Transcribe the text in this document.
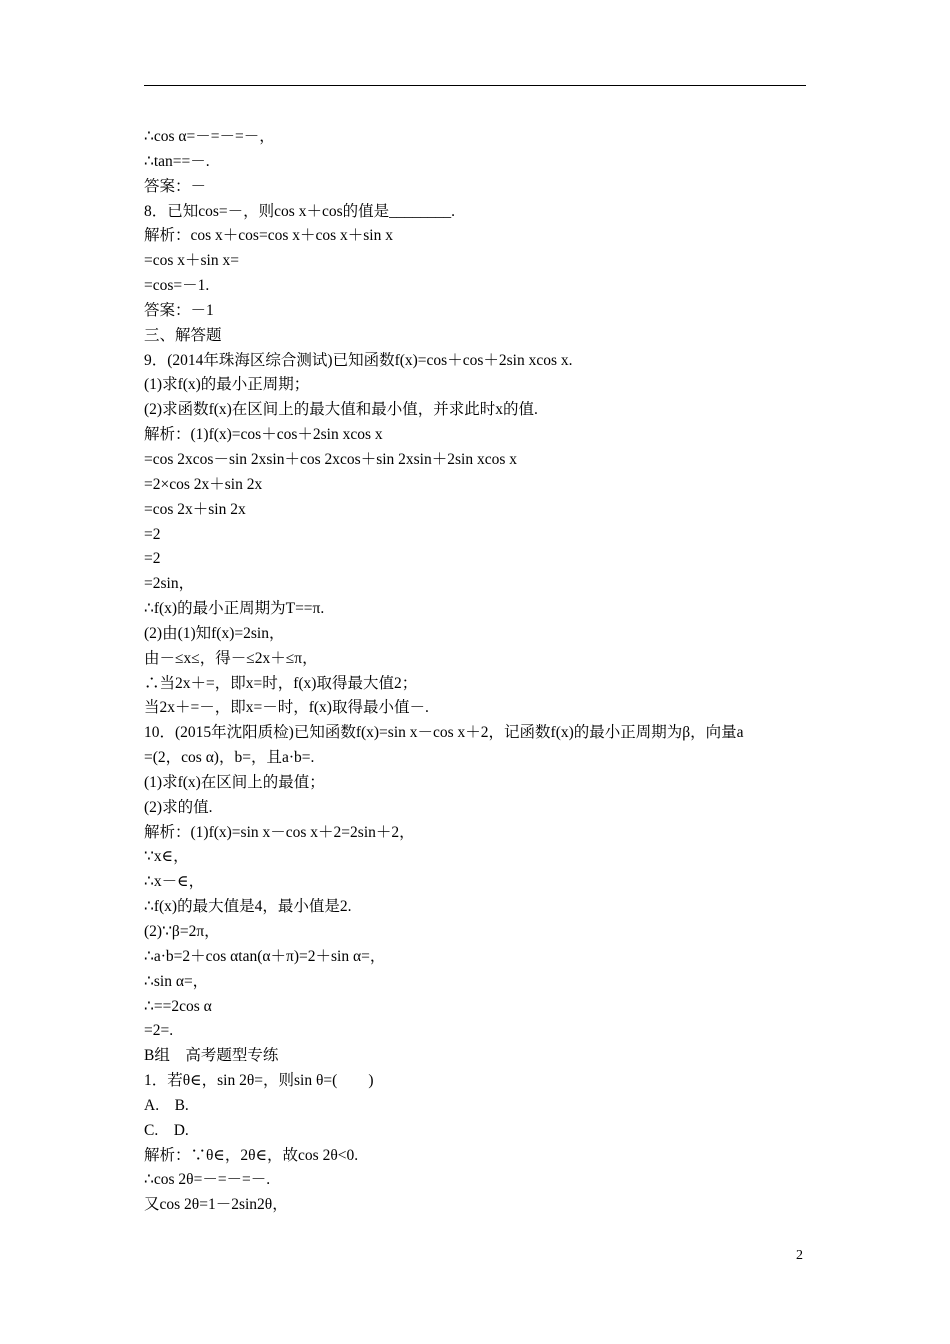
∴cos α=－=－=－，
∴tan==－.
答案：－
8．已知cos=－，则cos x＋cos的值是________.
解析：cos x＋cos=cos x＋cos x＋sin x
=cos x＋sin x=
=cos=－1.
答案：－1
三、解答题
9．(2014年珠海区综合测试)已知函数f(x)=cos＋cos＋2sin xcos x.
(1)求f(x)的最小正周期；
(2)求函数f(x)在区间上的最大值和最小值，并求此时x的值.
解析：(1)f(x)=cos＋cos＋2sin xcos x
=cos 2xcos－sin 2xsin＋cos 2xcos＋sin 2xsin＋2sin xcos x
=2×cos 2x＋sin 2x
=cos 2x＋sin 2x
=2
=2
=2sin，
∴f(x)的最小正周期为T==π.
(2)由(1)知f(x)=2sin，
由－≤x≤，得－≤2x＋≤π，
∴当2x＋=，即x=时，f(x)取得最大值2；
当2x＋=－，即x=－时，f(x)取得最小值－.
10．(2015年沈阳质检)已知函数f(x)=sin x－cos x＋2，记函数f(x)的最小正周期为β，向量a
=(2，cos α)，b=，且a·b=.
(1)求f(x)在区间上的最值；
(2)求的值.
解析：(1)f(x)=sin x－cos x＋2=2sin＋2，
∵x∈，
∴x－∈，
∴f(x)的最大值是4，最小值是2.
(2)∵β=2π，
∴a·b=2＋cos αtan(α＋π)=2＋sin α=，
∴sin α=，
∴==2cos α
=2=.
B组　高考题型专练
1．若θ∈，sin 2θ=，则sin θ=(　　)
A.　B.
C.　D.
解析：∵θ∈，2θ∈，故cos 2θ<0.
∴cos 2θ=－=－=－.
又cos 2θ=1－2sin2θ，
2
